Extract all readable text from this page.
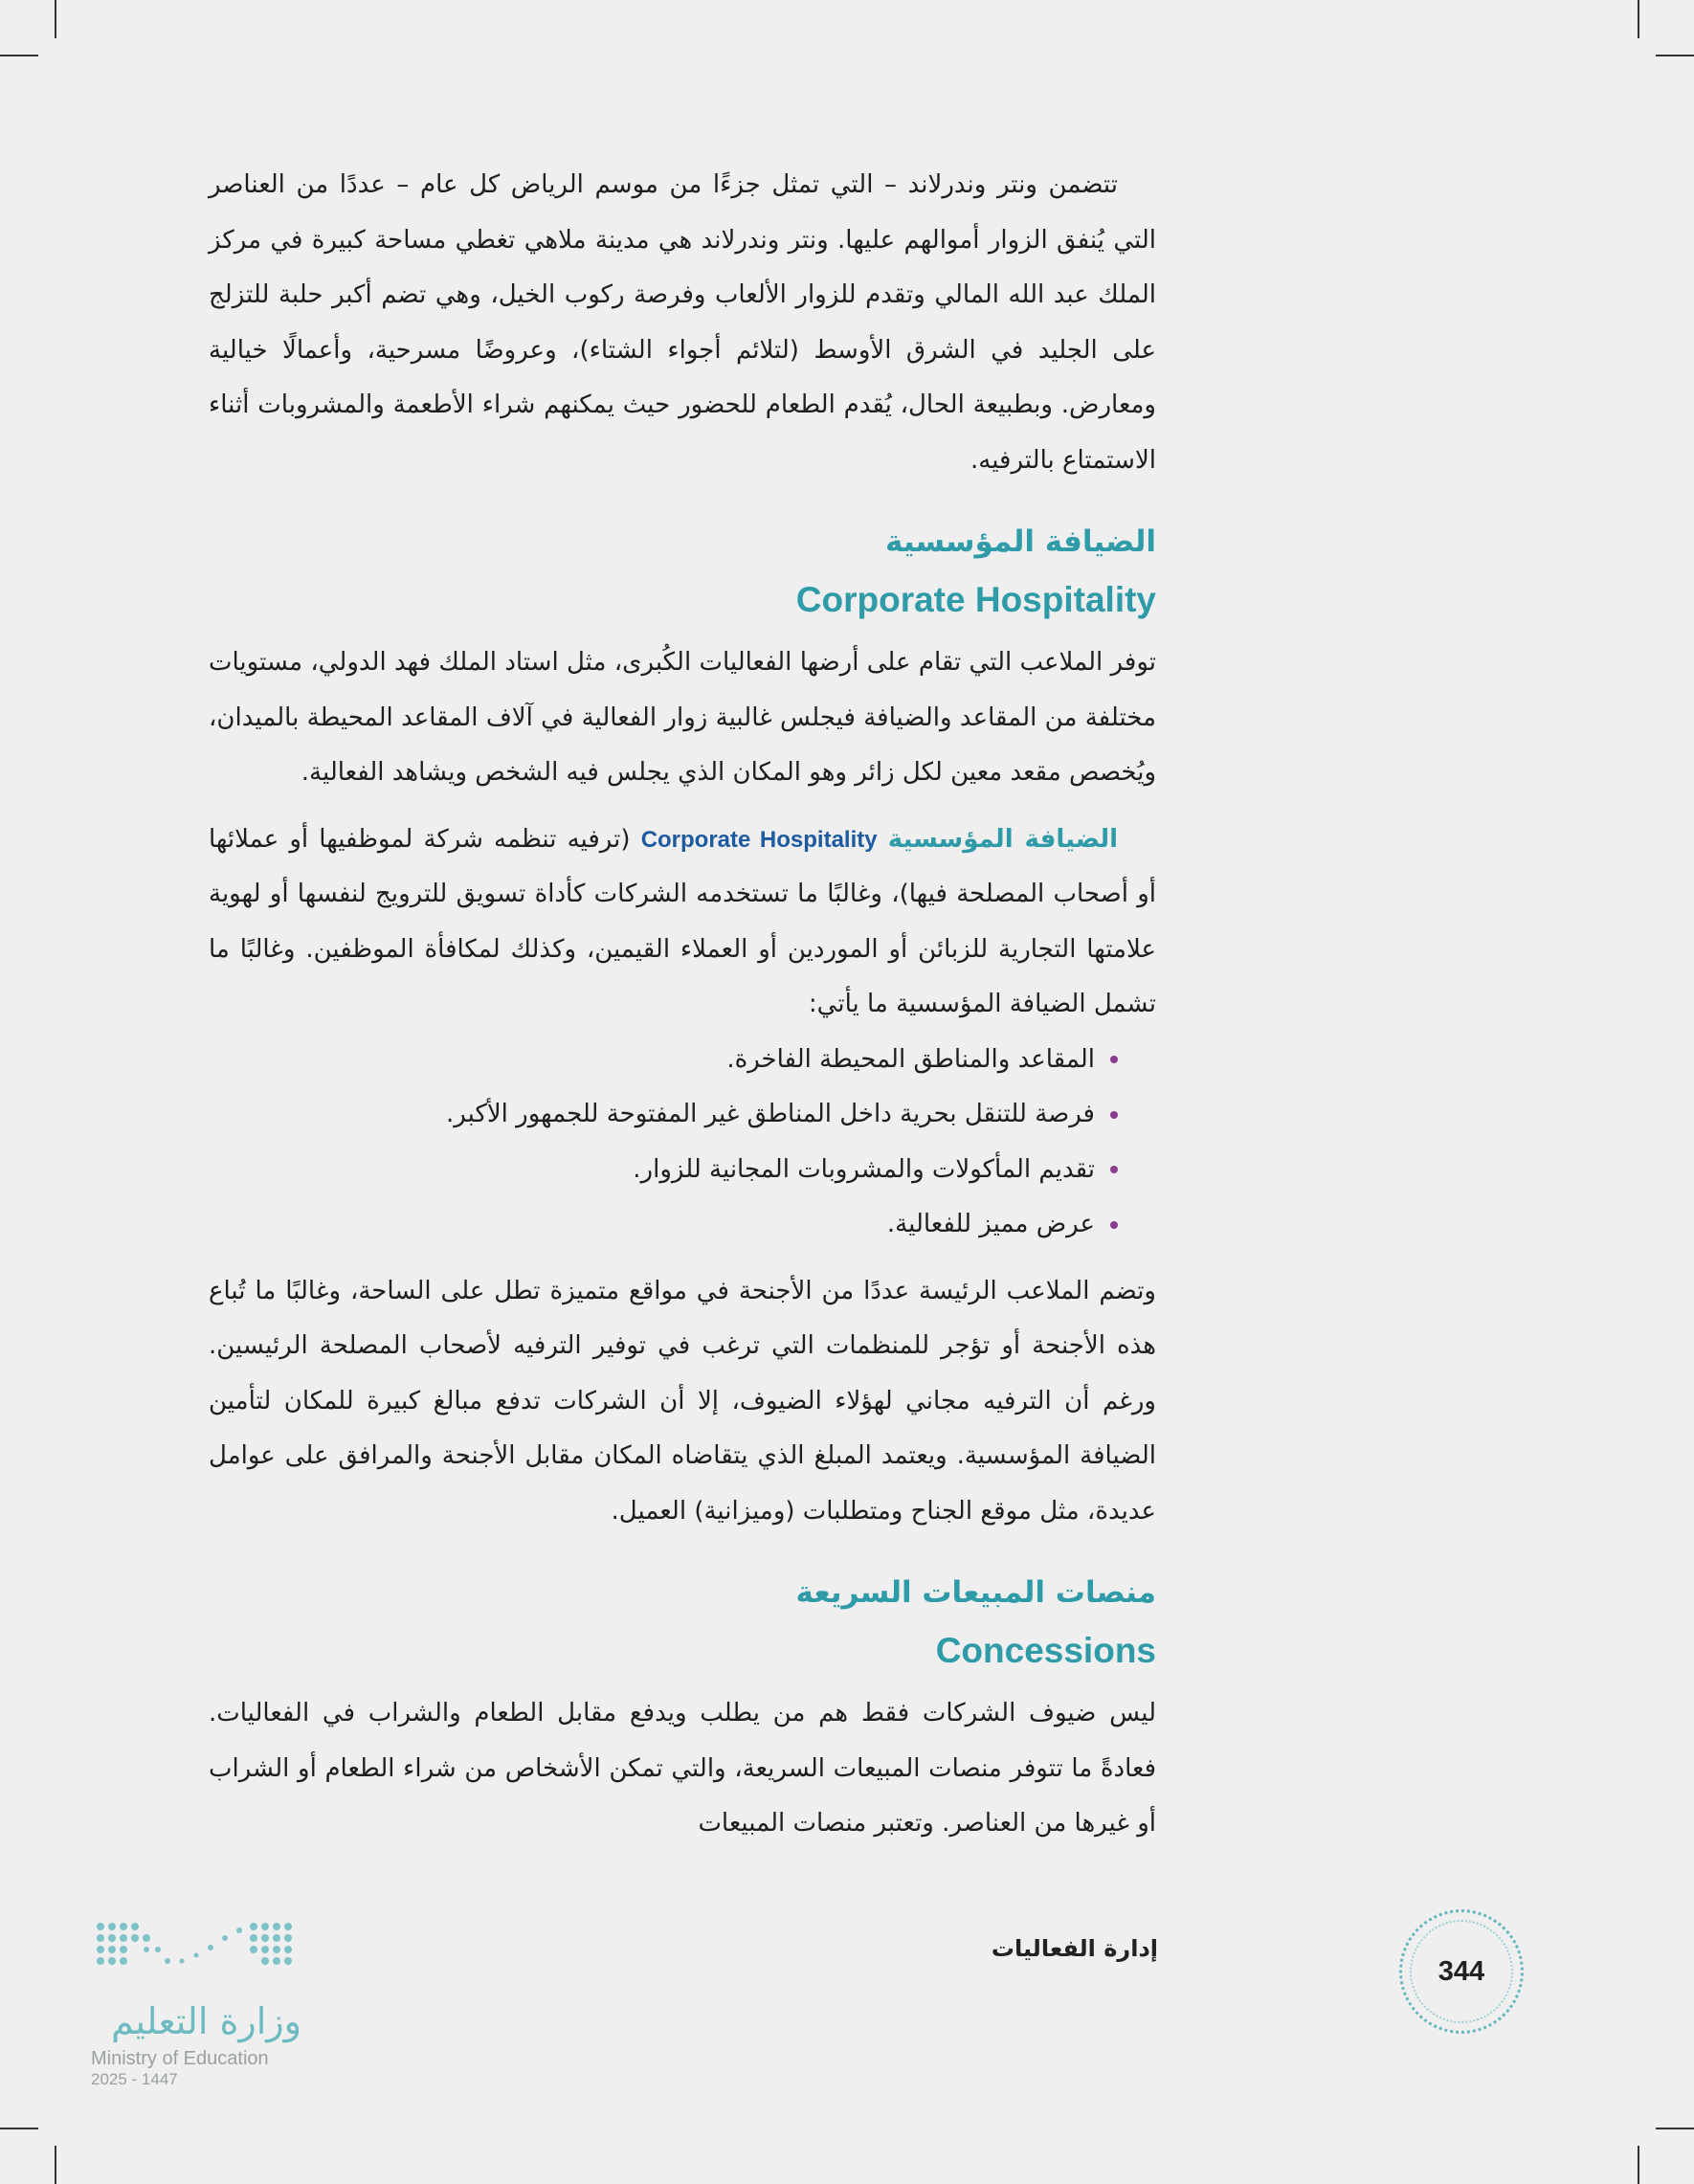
تتضمن ونتر وندرلاند – التي تمثل جزءًا من موسم الرياض كل عام – عددًا من العناصر التي يُنفق الزوار أموالهم عليها. ونتر وندرلاند هي مدينة ملاهي تغطي مساحة كبيرة في مركز الملك عبد الله المالي وتقدم للزوار الألعاب وفرصة ركوب الخيل، وهي تضم أكبر حلبة للتزلج على الجليد في الشرق الأوسط (لتلائم أجواء الشتاء)، وعروضًا مسرحية، وأعمالًا خيالية ومعارض. وبطبيعة الحال، يُقدم الطعام للحضور حيث يمكنهم شراء الأطعمة والمشروبات أثناء الاستمتاع بالترفيه.

الضيافة المؤسسية
Corporate Hospitality

توفر الملاعب التي تقام على أرضها الفعاليات الكُبرى، مثل استاد الملك فهد الدولي، مستويات مختلفة من المقاعد والضيافة فيجلس غالبية زوار الفعالية في آلاف المقاعد المحيطة بالميدان، ويُخصص مقعد معين لكل زائر وهو المكان الذي يجلس فيه الشخص ويشاهد الفعالية.

الضيافة المؤسسية Corporate Hospitality (ترفيه تنظمه شركة لموظفيها أو عملائها أو أصحاب المصلحة فيها)، وغالبًا ما تستخدمه الشركات كأداة تسويق للترويج لنفسها أو لهوية علامتها التجارية للزبائن أو الموردين أو العملاء القيمين، وكذلك لمكافأة الموظفين. وغالبًا ما تشمل الضيافة المؤسسية ما يأتي:

المقاعد والمناطق المحيطة الفاخرة.
فرصة للتنقل بحرية داخل المناطق غير المفتوحة للجمهور الأكبر.
تقديم المأكولات والمشروبات المجانية للزوار.
عرض مميز للفعالية.

وتضم الملاعب الرئيسة عددًا من الأجنحة في مواقع متميزة تطل على الساحة، وغالبًا ما تُباع هذه الأجنحة أو تؤجر للمنظمات التي ترغب في توفير الترفيه لأصحاب المصلحة الرئيسين. ورغم أن الترفيه مجاني لهؤلاء الضيوف، إلا أن الشركات تدفع مبالغ كبيرة للمكان لتأمين الضيافة المؤسسية. ويعتمد المبلغ الذي يتقاضاه المكان مقابل الأجنحة والمرافق على عوامل عديدة، مثل موقع الجناح ومتطلبات (وميزانية) العميل.

منصات المبيعات السريعة
Concessions

ليس ضيوف الشركات فقط هم من يطلب ويدفع مقابل الطعام والشراب في الفعاليات. فعادةً ما تتوفر منصات المبيعات السريعة، والتي تمكن الأشخاص من شراء الطعام أو الشراب أو غيرها من العناصر. وتعتبر منصات المبيعات

344
إدارة الفعاليات
وزارة التعليم
Ministry of Education
2025 - 1447
